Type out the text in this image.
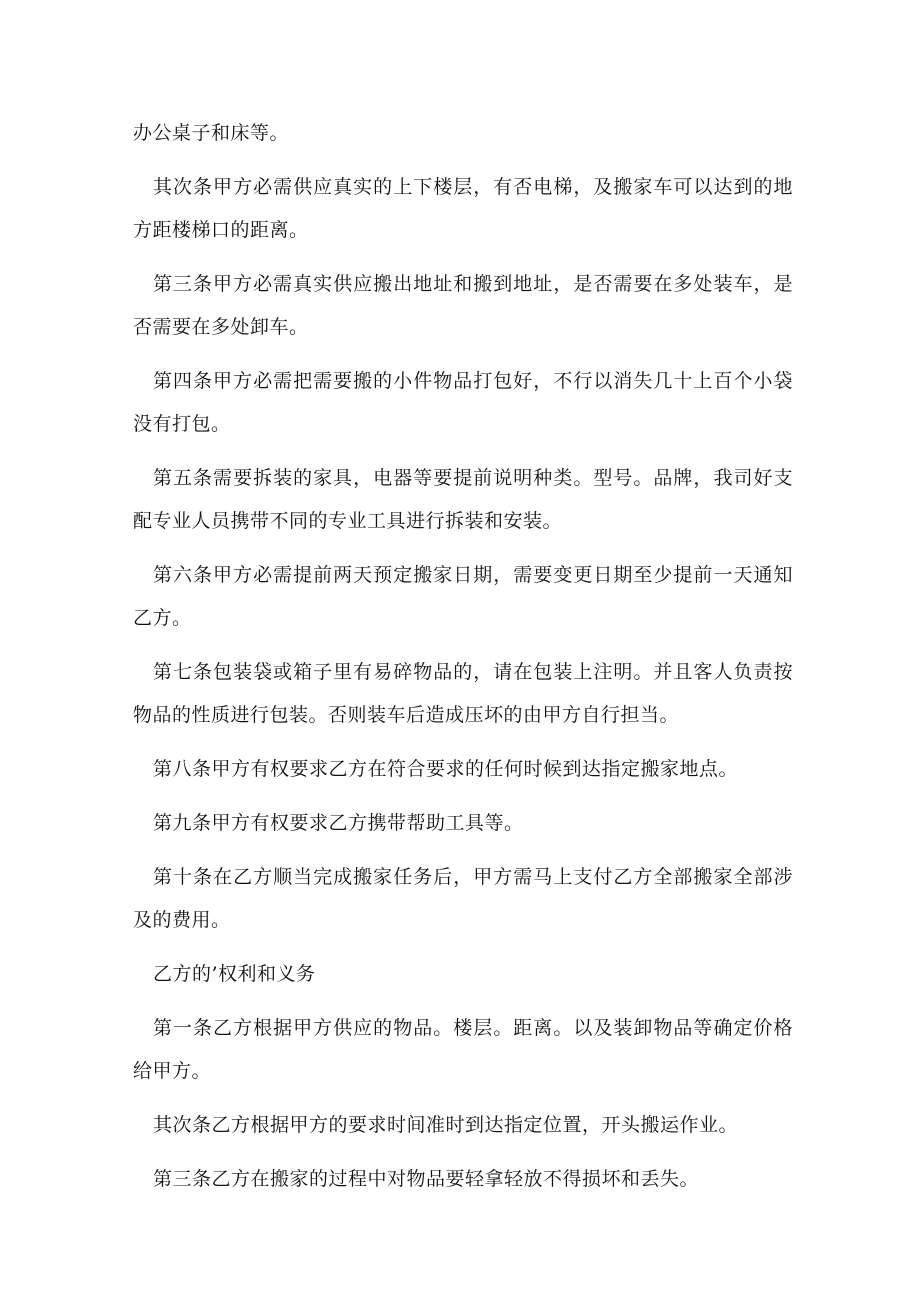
办公桌子和床等。

其次条甲方必需供应真实的上下楼层，有否电梯，及搬家车可以达到的地方距楼梯口的距离。

第三条甲方必需真实供应搬出地址和搬到地址，是否需要在多处装车，是否需要在多处卸车。

第四条甲方必需把需要搬的小件物品打包好，不行以消失几十上百个小袋没有打包。

第五条需要拆装的家具，电器等要提前说明种类。型号。品牌，我司好支配专业人员携带不同的专业工具进行拆装和安装。

第六条甲方必需提前两天预定搬家日期，需要变更日期至少提前一天通知乙方。

第七条包装袋或箱子里有易碎物品的，请在包装上注明。并且客人负责按物品的性质进行包装。否则装车后造成压坏的由甲方自行担当。

第八条甲方有权要求乙方在符合要求的任何时候到达指定搬家地点。

第九条甲方有权要求乙方携带帮助工具等。

第十条在乙方顺当完成搬家任务后，甲方需马上支付乙方全部搬家全部涉及的费用。

乙方的’权利和义务

第一条乙方根据甲方供应的物品。楼层。距离。以及装卸物品等确定价格给甲方。

其次条乙方根据甲方的要求时间准时到达指定位置，开头搬运作业。

第三条乙方在搬家的过程中对物品要轻拿轻放不得损坏和丢失。
